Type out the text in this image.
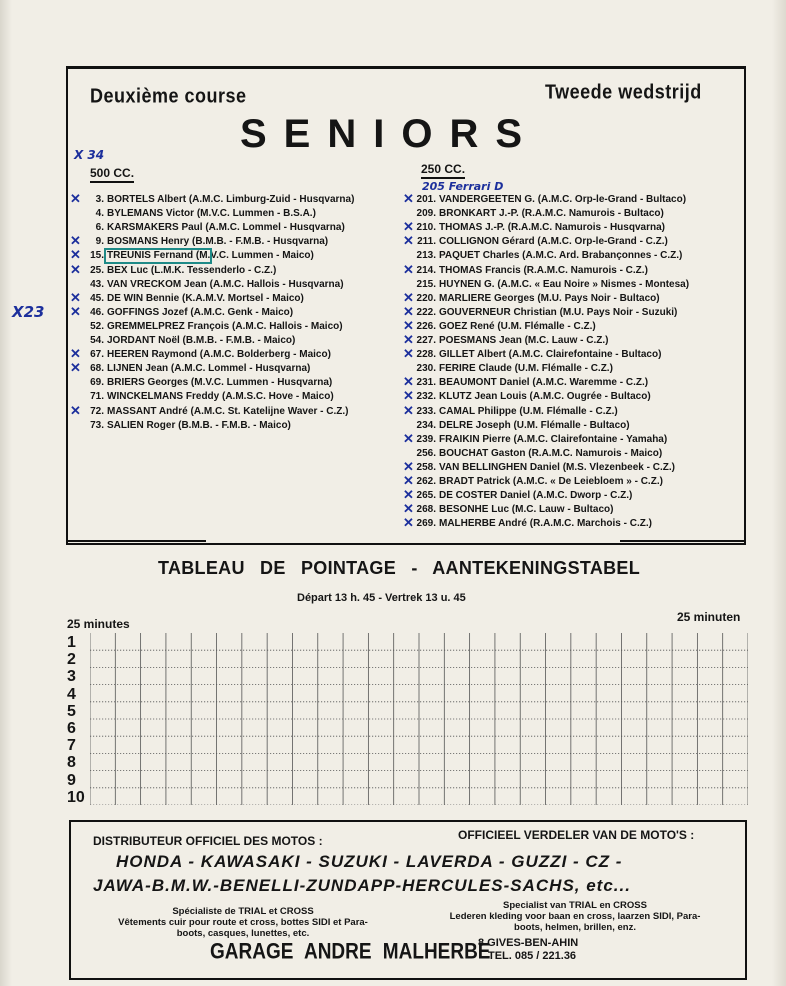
Deuxième course	Tweede wedstrijd
SENIORS
500 CC.	250 CC.
3. BORTELS Albert (A.M.C. Limburg-Zuid - Husqvarna)
4. BYLEMANS Victor (M.V.C. Lummen - B.S.A.)
6. KARSMAKERS Paul (A.M.C. Lommel - Husqvarna)
9. BOSMANS Henry (B.M.B. - F.M.B. - Husqvarna)
15. TREUNIS Fernand (M.V.C. Lummen - Maico)
25. BEX Luc (L.M.K. Tessenderlo - C.Z.)
43. VAN VRECKOM Jean (A.M.C. Hallois - Husqvarna)
45. DE WIN Bennie (K.A.M.V. Mortsel - Maico)
46. GOFFINGS Jozef (A.M.C. Genk - Maico)
52. GREMMELPREZ François (A.M.C. Hallois - Maico)
54. JORDANT Noël (B.M.B. - F.M.B. - Maico)
67. HEEREN Raymond (A.M.C. Bolderberg - Maico)
68. LIJNEN Jean (A.M.C. Lommel - Husqvarna)
69. BRIERS Georges (M.V.C. Lummen - Husqvarna)
71. WINCKELMANS Freddy (A.M.S.C. Hove - Maico)
72. MASSANT André (A.M.C. St. Katelijne Waver - C.Z.)
73. SALIEN Roger (B.M.B. - F.M.B. - Maico)
201. VANDERGEETEN G. (A.M.C. Orp-le-Grand - Bultaco)
209. BRONKART J.-P. (R.A.M.C. Namurois - Bultaco)
210. THOMAS J.-P. (R.A.M.C. Namurois - Husqvarna)
211. COLLIGNON Gérard (A.M.C. Orp-le-Grand - C.Z.)
213. PAQUET Charles (A.M.C. Ard. Brabançonnes - C.Z.)
214. THOMAS Francis (R.A.M.C. Namurois - C.Z.)
215. HUYNEN G. (A.M.C. « Eau Noire » Nismes - Montesa)
220. MARLIERE Georges (M.U. Pays Noir - Bultaco)
222. GOUVERNEUR Christian (M.U. Pays Noir - Suzuki)
226. GOEZ René (U.M. Flémalle - C.Z.)
227. POESMANS Jean (M.C. Lauw - C.Z.)
228. GILLET Albert (A.M.C. Clairefontaine - Bultaco)
230. FERIRE Claude (U.M. Flémalle - C.Z.)
231. BEAUMONT Daniel (A.M.C. Waremme - C.Z.)
232. KLUTZ Jean Louis (A.M.C. Ougrée - Bultaco)
233. CAMAL Philippe (U.M. Flémalle - C.Z.)
234. DELRE Joseph (U.M. Flémalle - Bultaco)
239. FRAIKIN Pierre (A.M.C. Clairefontaine - Yamaha)
256. BOUCHAT Gaston (R.A.M.C. Namurois - Maico)
258. VAN BELLINGHEN Daniel (M.S. Vlezenbeek - C.Z.)
262. BRADT Patrick (A.M.C. « De Leiebloem » - C.Z.)
265. DE COSTER Daniel (A.M.C. Dworp - C.Z.)
268. BESONHE Luc (M.C. Lauw - Bultaco)
269. MALHERBE André (R.A.M.C. Marchois - C.Z.)
X 34
205 Ferrari D
X23
✕
✕
✕
✕
✕
✕
✕
✕
✕
✕
✕
✕
✕
✕
✕
✕
✕
✕
✕
✕
✕
✕
✕
✕
✕
✕
✕
TABLEAU DE POINTAGE - AANTEKENINGSTABEL
Départ 13 h. 45 - Vertrek 13 u. 45
25 minutes	25 minuten
1
2
3
4
5
6
7
8
9
10
DISTRIBUTEUR OFFICIEL DES MOTOS :	OFFICIEEL VERDELER VAN DE MOTO'S :
HONDA - KAWASAKI - SUZUKI - LAVERDA - GUZZI - CZ -
JAWA-B.M.W.-BENELLI-ZUNDAPP-HERCULES-SACHS, etc...
Spécialiste de TRIAL et CROSS
Vêtements cuir pour route et cross, bottes SIDI et Para-
boots, casques, lunettes, etc.
Specialist van TRIAL en CROSS
Lederen kleding voor baan en cross, laarzen SIDI, Para-
boots, helmen, brillen, enz.
GARAGE ANDRE MALHERBE
8 GIVES-BEN-AHIN
TEL. 085 / 221.36
